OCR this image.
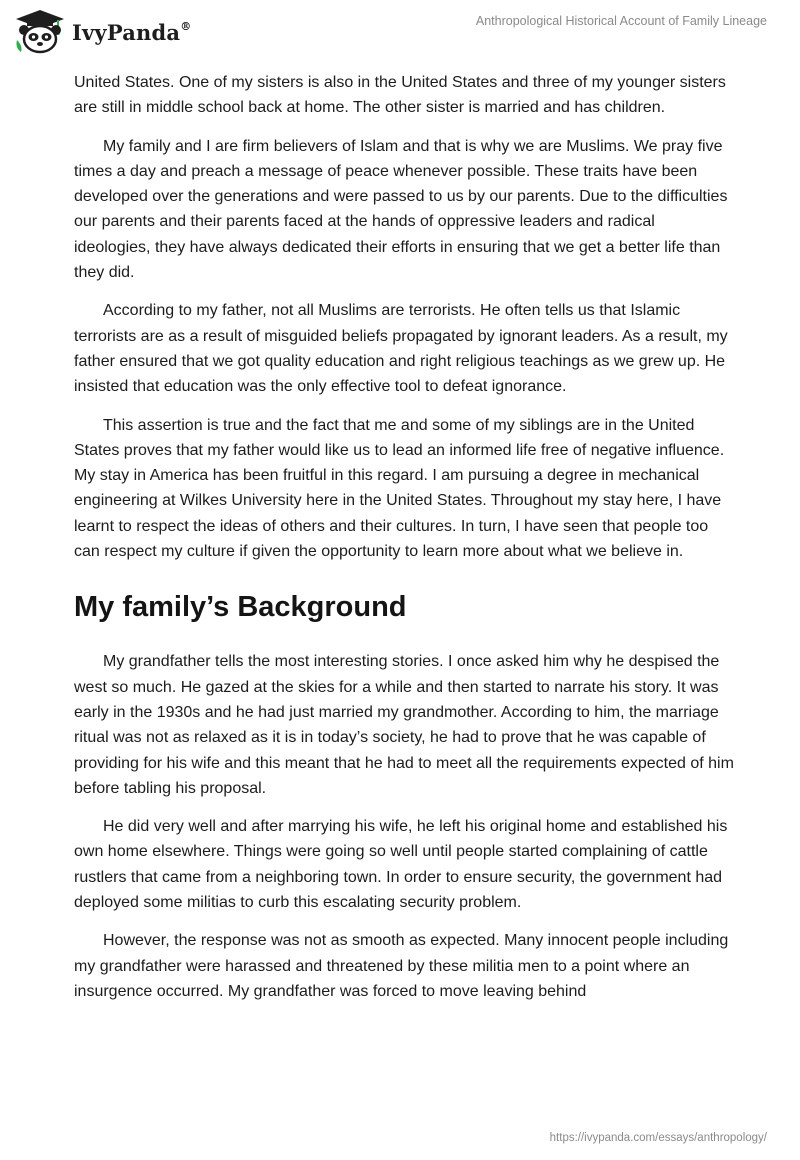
IvyPanda®	Anthropological Historical Account of Family Lineage

United States. One of my sisters is also in the United States and three of my younger sisters are still in middle school back at home. The other sister is married and has children.

My family and I are firm believers of Islam and that is why we are Muslims. We pray five times a day and preach a message of peace whenever possible. These traits have been developed over the generations and were passed to us by our parents. Due to the difficulties our parents and their parents faced at the hands of oppressive leaders and radical ideologies, they have always dedicated their efforts in ensuring that we get a better life than they did.

According to my father, not all Muslims are terrorists. He often tells us that Islamic terrorists are as a result of misguided beliefs propagated by ignorant leaders. As a result, my father ensured that we got quality education and right religious teachings as we grew up. He insisted that education was the only effective tool to defeat ignorance.

This assertion is true and the fact that me and some of my siblings are in the United States proves that my father would like us to lead an informed life free of negative influence. My stay in America has been fruitful in this regard. I am pursuing a degree in mechanical engineering at Wilkes University here in the United States. Throughout my stay here, I have learnt to respect the ideas of others and their cultures. In turn, I have seen that people too can respect my culture if given the opportunity to learn more about what we believe in.

My family’s Background

My grandfather tells the most interesting stories. I once asked him why he despised the west so much. He gazed at the skies for a while and then started to narrate his story. It was early in the 1930s and he had just married my grandmother. According to him, the marriage ritual was not as relaxed as it is in today’s society, he had to prove that he was capable of providing for his wife and this meant that he had to meet all the requirements expected of him before tabling his proposal.

He did very well and after marrying his wife, he left his original home and established his own home elsewhere. Things were going so well until people started complaining of cattle rustlers that came from a neighboring town. In order to ensure security, the government had deployed some militias to curb this escalating security problem.

However, the response was not as smooth as expected. Many innocent people including my grandfather were harassed and threatened by these militia men to a point where an insurgence occurred. My grandfather was forced to move leaving behind

https://ivypanda.com/essays/anthropology/
